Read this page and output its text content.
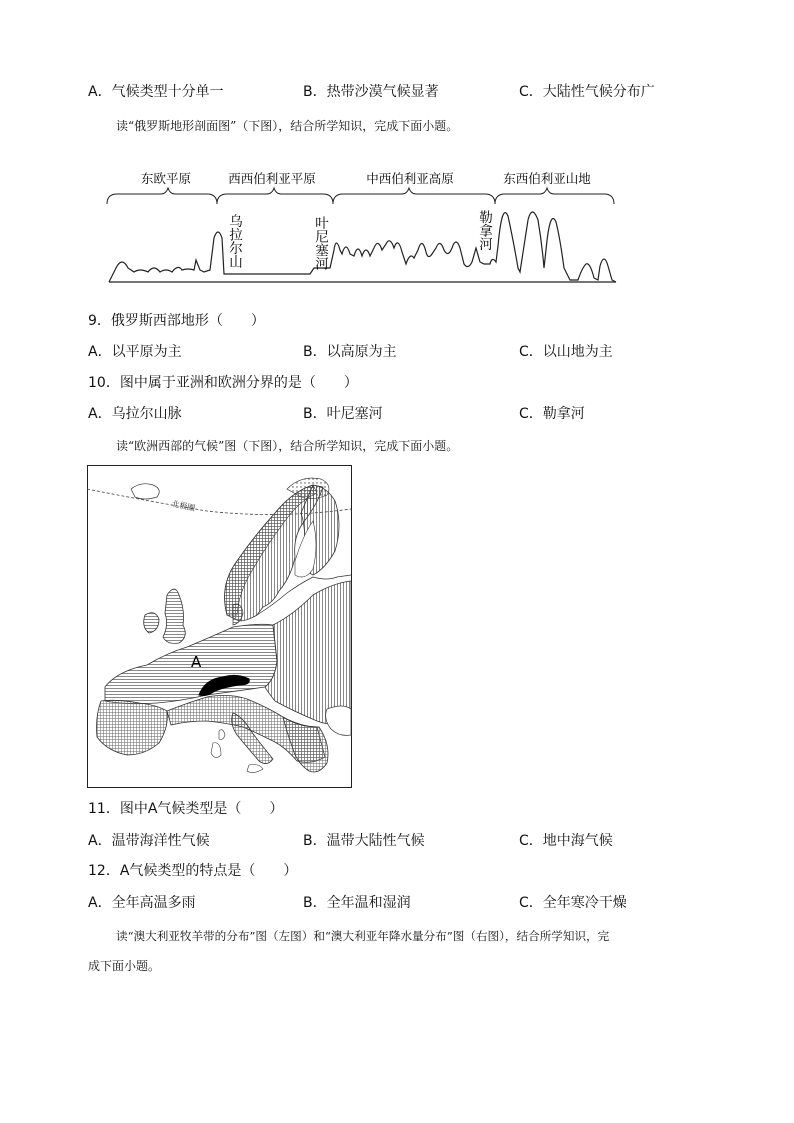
A．气候类型十分单一	B．热带沙漠气候显著	C．大陆性气候分布广
读“俄罗斯地形剖面图”（下图），结合所学知识，完成下面小题。
东欧平原	西西伯利亚平原	中西伯利亚高原	东西伯利亚山地
乌拉尔山	叶尼塞河	勒拿河
9．俄罗斯西部地形（　　）
A．以平原为主	B．以高原为主	C．以山地为主
10．图中属于亚洲和欧洲分界的是（　　）
A．乌拉尔山脉	B．叶尼塞河	C．勒拿河
读“欧洲西部的气候”图（下图），结合所学知识，完成下面小题。
北极圈
A
11．图中A气候类型是（　　）
A．温带海洋性气候	B．温带大陆性气候	C．地中海气候
12．A气候类型的特点是（　　）
A．全年高温多雨	B．全年温和湿润	C．全年寒冷干燥
读“澳大利亚牧羊带的分布”图（左图）和“澳大利亚年降水量分布”图（右图），结合所学知识，完
成下面小题。
